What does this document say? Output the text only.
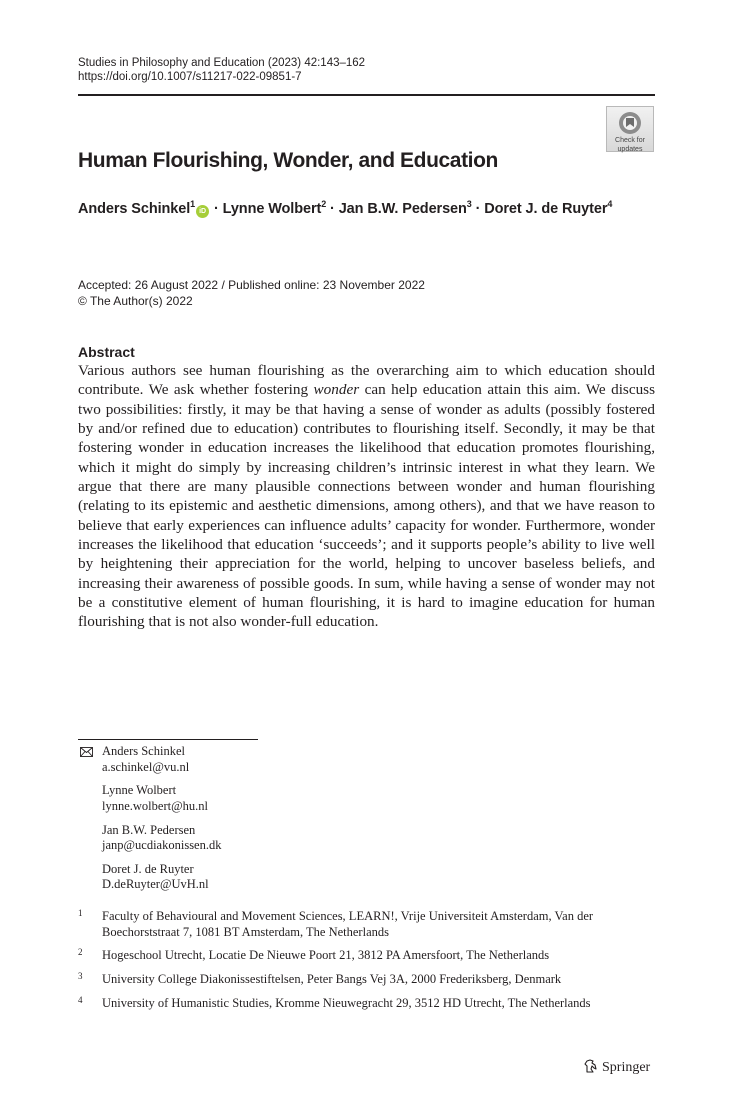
Studies in Philosophy and Education (2023) 42:143–162
https://doi.org/10.1007/s11217-022-09851-7
Check for
updates
Human Flourishing, Wonder, and Education
Anders Schinkel$^1$iD · Lynne Wolbert$^2$ · Jan B.W. Pedersen$^3$ · Doret J. de Ruyter$^4$
Accepted: 26 August 2022 / Published online: 23 November 2022
© The Author(s) 2022
Abstract

Various authors see human flourishing as the overarching aim to which education should contribute. We ask whether fostering wonder can help education attain this aim. We discuss two possibilities: firstly, it may be that having a sense of wonder as adults (possibly fostered by and/or refined due to education) contributes to flourishing itself. Secondly, it may be that fostering wonder in education increases the likelihood that education promotes flourishing, which it might do simply by increasing children’s intrinsic interest in what they learn. We argue that there are many plausible connections between wonder and human flourishing (relating to its epistemic and aesthetic dimensions, among others), and that we have reason to believe that early experiences can influence adults’ capacity for wonder. Furthermore, wonder increases the likelihood that education ‘succeeds’; and it supports people’s ability to live well by heightening their appreciation for the world, helping to uncover baseless beliefs, and increasing their awareness of possible goods. In sum, while having a sense of wonder may not be a constitutive element of human flourishing, it is hard to imagine education for human flourishing that is not also wonder-full education.

Anders Schinkel
a.schinkel@vu.nl
Lynne Wolbert
lynne.wolbert@hu.nl
Jan B.W. Pedersen
janp@ucdiakonissen.dk
Doret J. de Ruyter
D.deRuyter@UvH.nl
1 Faculty of Behavioural and Movement Sciences, LEARN!, Vrije Universiteit Amsterdam, Van der Boechorststraat 7, 1081 BT Amsterdam, The Netherlands
2 Hogeschool Utrecht, Locatie De Nieuwe Poort 21, 3812 PA Amersfoort, The Netherlands
3 University College Diakonissestiftelsen, Peter Bangs Vej 3A, 2000 Frederiksberg, Denmark
4 University of Humanistic Studies, Kromme Nieuwegracht 29, 3512 HD Utrecht, The Netherlands
Springer
